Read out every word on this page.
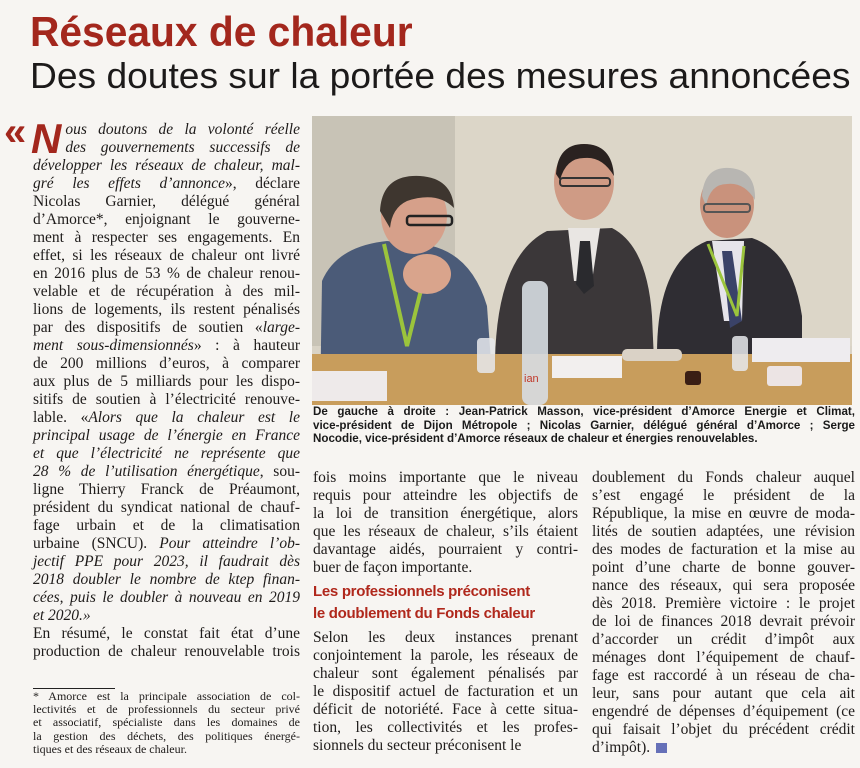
Réseaux de chaleur
Des doutes sur la portée des mesures annoncées
« Nous doutons de la volonté réelle
des gouvernements successifs de
développer les réseaux de chaleur, mal-
gré les effets d’annonce», déclare
Nicolas Garnier, délégué général
d’Amorce*, enjoignant le gouverne-
ment à respecter ses engagements. En
effet, si les réseaux de chaleur ont livré
en 2016 plus de 53 % de chaleur renou-
velable et de récupération à des mil-
lions de logements, ils restent pénalisés
par des dispositifs de soutien «large-
ment sous-dimensionnés» : à hauteur
de 200 millions d’euros, à comparer
aux plus de 5 milliards pour les dispo-
sitifs de soutien à l’électricité renouve-
lable. «Alors que la chaleur est le
principal usage de l’énergie en France
et que l’électricité ne représente que
28 % de l’utilisation énergétique, sou-
ligne Thierry Franck de Préaumont,
président du syndicat national de chauf-
fage urbain et de la climatisation
urbaine (SNCU). Pour atteindre l’ob-
jectif PPE pour 2023, il faudrait dès
2018 doubler le nombre de ktep finan-
cées, puis le doubler à nouveau en 2019
et 2020.»
En résumé, le constat fait état d’une
production de chaleur renouvelable trois
fois moins importante que le niveau
requis pour atteindre les objectifs de
la loi de transition énergétique, alors
que les réseaux de chaleur, s’ils étaient
davantage aidés, pourraient y contri-
buer de façon importante.
Les professionnels préconisent
le doublement du Fonds chaleur
Selon les deux instances prenant
conjointement la parole, les réseaux de
chaleur sont également pénalisés par
le dispositif actuel de facturation et un
déficit de notoriété. Face à cette situa-
tion, les collectivités et les profes-
sionnels du secteur préconisent le
doublement du Fonds chaleur auquel
s’est engagé le président de la
République, la mise en œuvre de moda-
lités de soutien adaptées, une révision
des modes de facturation et la mise au
point d’une charte de bonne gouver-
nance des réseaux, qui sera proposée
dès 2018. Première victoire : le projet
de loi de finances 2018 devrait prévoir
d’accorder un crédit d’impôt aux
ménages dont l’équipement de chauf-
fage est raccordé à un réseau de cha-
leur, sans pour autant que cela ait
engendré de dépenses d’équipement (ce
qui faisait l’objet du précédent crédit
d’impôt).
ian
De gauche à droite : Jean-Patrick Masson, vice-président d’Amorce Energie et Climat,
vice-président de Dijon Métropole ; Nicolas Garnier, délégué général d’Amorce ; Serge
Nocodie, vice-président d’Amorce réseaux de chaleur et énergies renouvelables.
* Amorce est la principale association de col-
lectivités et de professionnels du secteur privé
et associatif, spécialiste dans les domaines de
la gestion des déchets, des politiques énergé-
tiques et des réseaux de chaleur.
